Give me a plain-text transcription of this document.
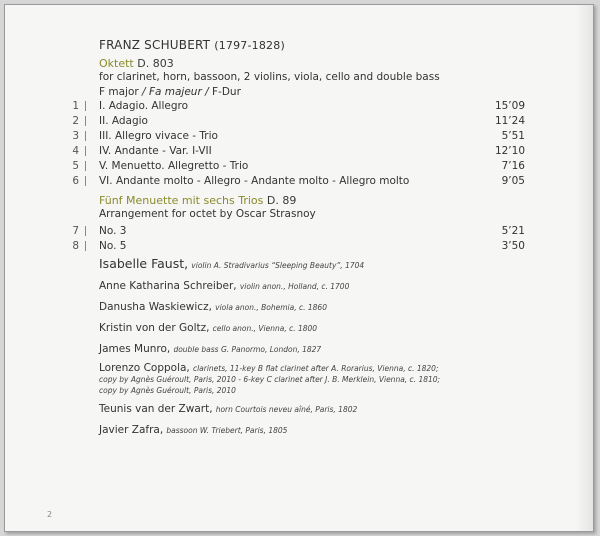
FRANZ SCHUBERT (1797-1828)
Oktett D. 803
for clarinet, horn, bassoon, 2 violins, viola, cello and double bass
F major / Fa majeur / F-Dur
1 I. Adagio. Allegro	15’09
2 II. Adagio	11’24
3 III. Allegro vivace - Trio	5’51
4 IV. Andante - Var. I-VII	12’10
5 V. Menuetto. Allegretto - Trio	7’16
6 VI. Andante molto - Allegro - Andante molto - Allegro molto	9’05
Fünf Menuette mit sechs Trios D. 89
Arrangement for octet by Oscar Strasnoy
7 No. 3	5’21
8 No. 5	3’50
Isabelle Faust, violin A. Stradivarius “Sleeping Beauty”, 1704
Anne Katharina Schreiber, violin anon., Holland, c. 1700
Danusha Waskiewicz, viola anon., Bohemia, c. 1860
Kristin von der Goltz, cello anon., Vienna, c. 1800
James Munro, double bass G. Panormo, London, 1827
Lorenzo Coppola, clarinets, 11-key B flat clarinet after A. Rorarius, Vienna, c. 1820;
copy by Agnès Guéroult, Paris, 2010 - 6-key C clarinet after J. B. Merklein, Vienna, c. 1810;
copy by Agnès Guéroult, Paris, 2010
Teunis van der Zwart, horn Courtois neveu aîné, Paris, 1802
Javier Zafra, bassoon W. Triebert, Paris, 1805
2
